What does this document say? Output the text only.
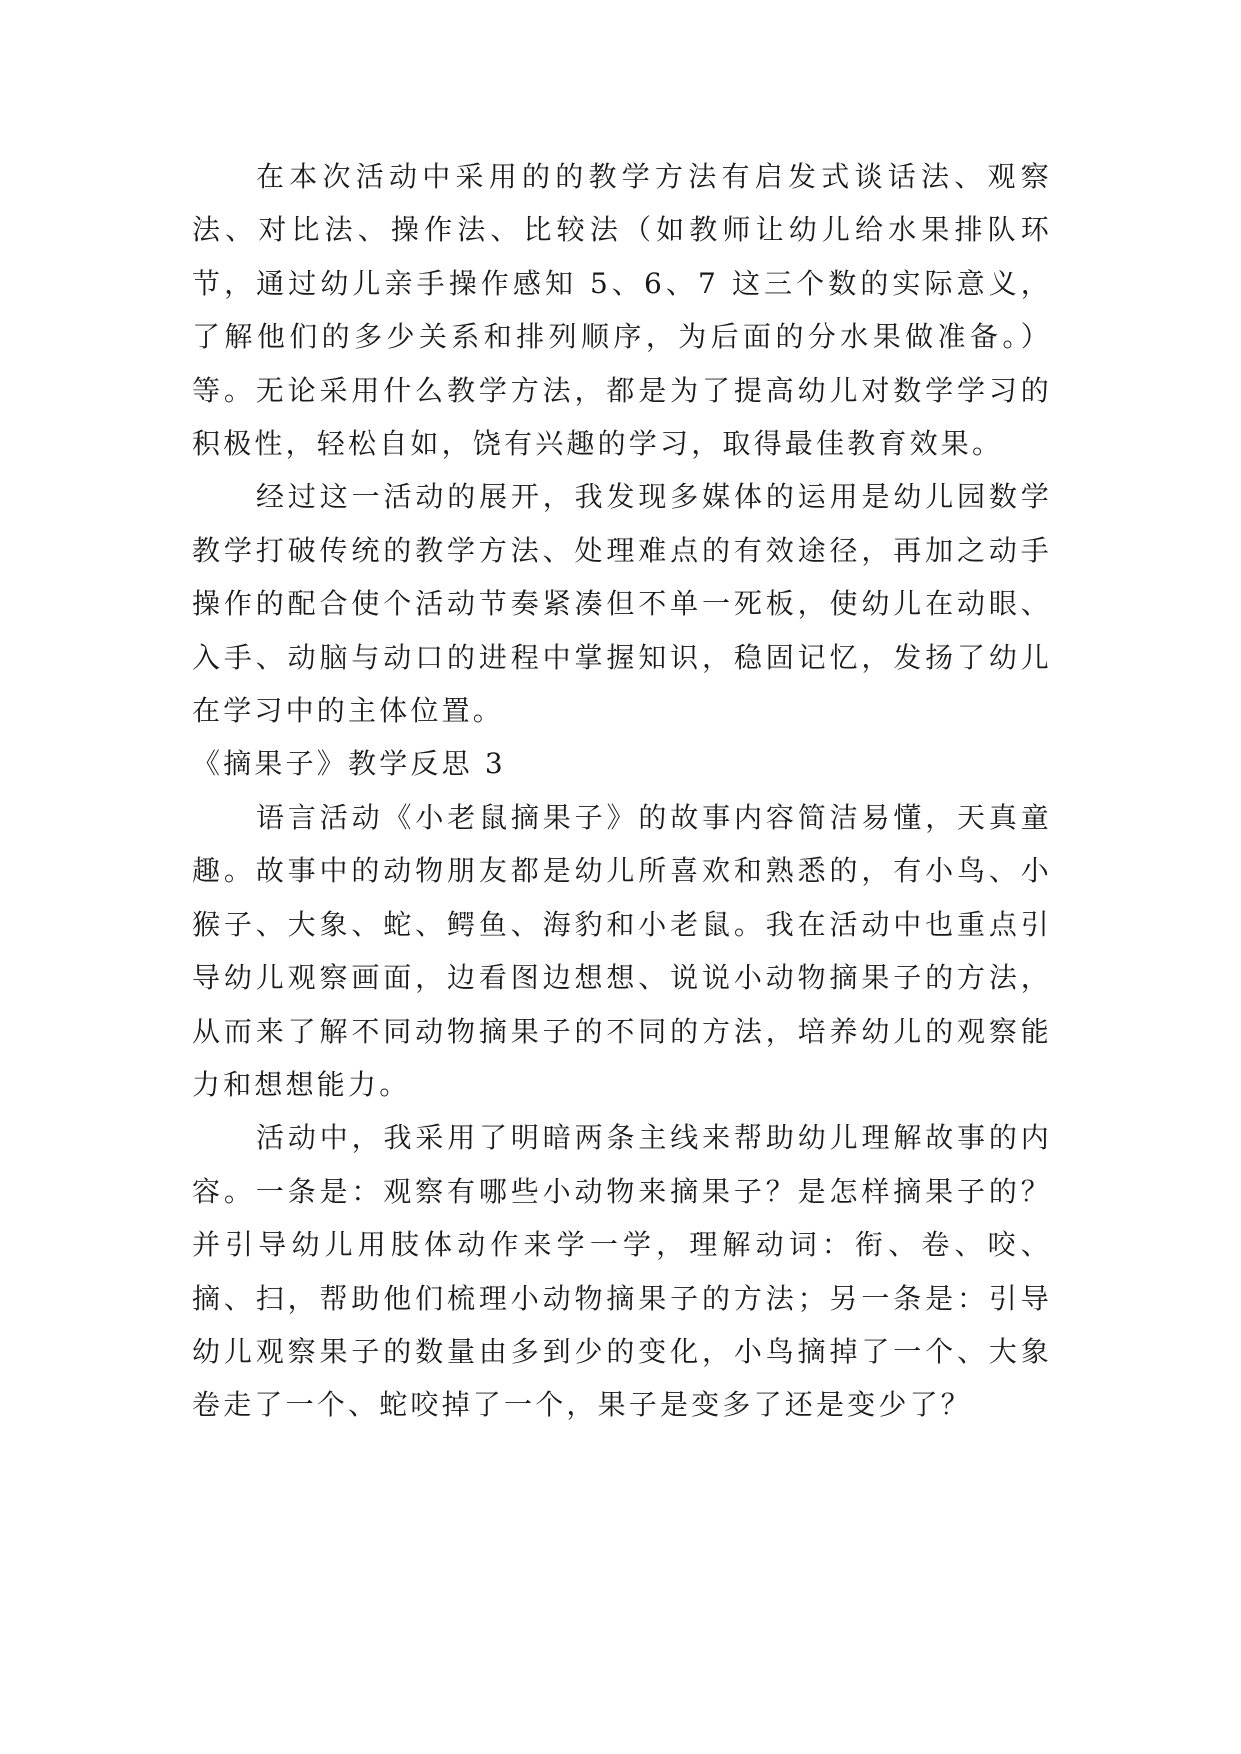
在本次活动中采用的的教学方法有启发式谈话法、观察法、对比法、操作法、比较法（如教师让幼儿给水果排队环节，通过幼儿亲手操作感知 5、6、7 这三个数的实际意义，了解他们的多少关系和排列顺序，为后面的分水果做准备。）等。无论采用什么教学方法，都是为了提高幼儿对数学学习的积极性，轻松自如，饶有兴趣的学习，取得最佳教育效果。

经过这一活动的展开，我发现多媒体的运用是幼儿园数学教学打破传统的教学方法、处理难点的有效途径，再加之动手操作的配合使个活动节奏紧凑但不单一死板，使幼儿在动眼、入手、动脑与动口的进程中掌握知识，稳固记忆，发扬了幼儿在学习中的主体位置。

《摘果子》教学反思 3

语言活动《小老鼠摘果子》的故事内容简洁易懂，天真童趣。故事中的动物朋友都是幼儿所喜欢和熟悉的，有小鸟、小猴子、大象、蛇、鳄鱼、海豹和小老鼠。我在活动中也重点引导幼儿观察画面，边看图边想想、说说小动物摘果子的方法，从而来了解不同动物摘果子的不同的方法，培养幼儿的观察能力和想想能力。

活动中，我采用了明暗两条主线来帮助幼儿理解故事的内容。一条是：观察有哪些小动物来摘果子？是怎样摘果子的？并引导幼儿用肢体动作来学一学，理解动词：衔、卷、咬、摘、扫，帮助他们梳理小动物摘果子的方法；另一条是：引导幼儿观察果子的数量由多到少的变化，小鸟摘掉了一个、大象卷走了一个、蛇咬掉了一个，果子是变多了还是变少了？
